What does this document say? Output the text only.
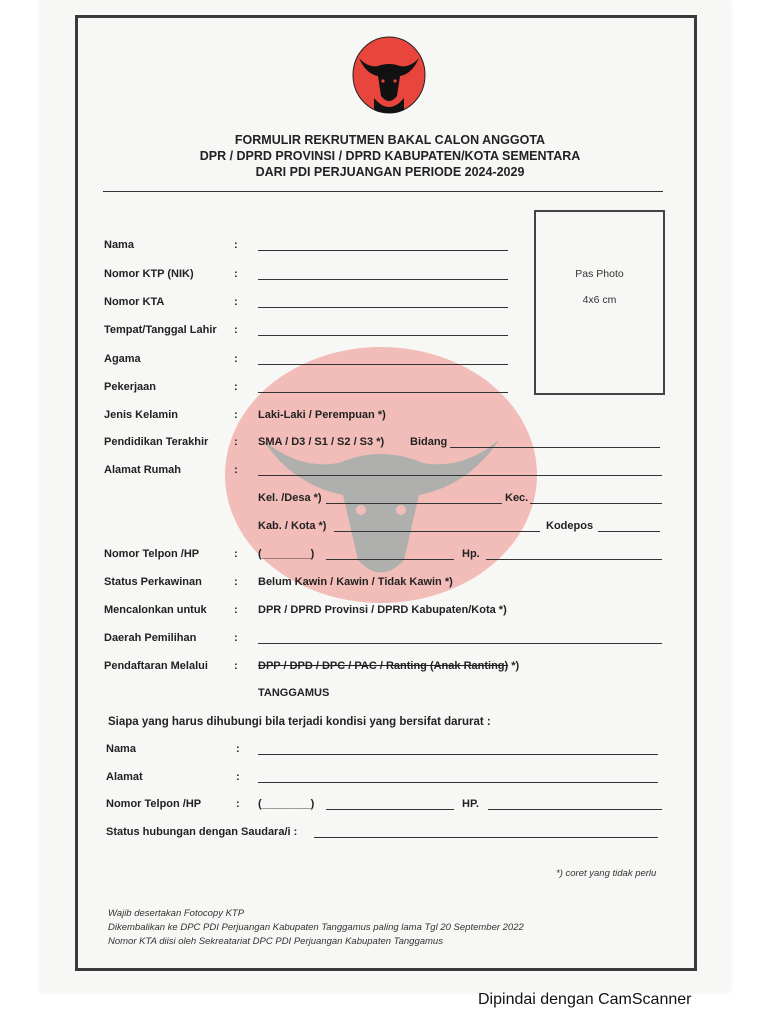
FORMULIR REKRUTMEN BAKAL CALON ANGGOTA

DPR / DPRD PROVINSI / DPRD KABUPATEN/KOTA SEMENTARA

DARI PDI PERJUANGAN PERIODE 2024-2029

Pas Photo
4x6 cm
Nama	:
Nomor KTP (NIK)	:
Nomor KTA	:
Tempat/Tanggal Lahir :
Agama	:
Pekerjaan	:
Jenis Kelamin	: Laki-Laki / Perempuan *)
Pendidikan Terakhir : SMA / D3 / S1 / S2 / S3 *) Bidang
Alamat Rumah	:
Kel. /Desa *)	Kec.
Kab. / Kota *)	Kodepos
Nomor Telpon /HP	: (________)	Hp.
Status Perkawinan	: Belum Kawin / Kawin / Tidak Kawin *)
Mencalonkan untuk : DPR / DPRD Provinsi / DPRD Kabupaten/Kota *)
Daerah Pemilihan	:
Pendaftaran Melalui : DPP / DPD / DPC / PAC / Ranting (Anak Ranting) *)
TANGGAMUS
Siapa yang harus dihubungi bila terjadi kondisi yang bersifat darurat :
Nama	:
Alamat	:
Nomor Telpon /HP	: (________)	HP.
Status hubungan dengan Saudara/i :
*) coret yang tidak perlu
Wajib desertakan Fotocopy KTP
Dikembalikan ke DPC PDI Perjuangan Kabupaten Tanggamus paling lama Tgl 20 September 2022
Nomor KTA diisi oleh Sekreatariat DPC PDI Perjuangan Kabupaten Tanggamus
Dipindai dengan CamScanner
